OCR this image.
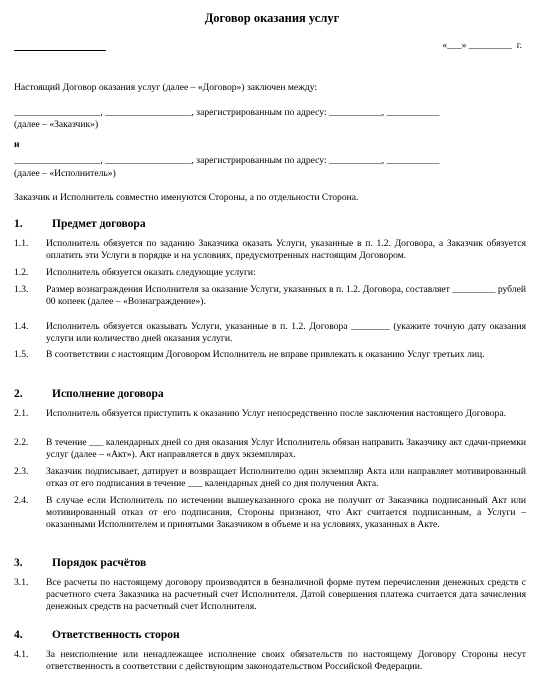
Договор оказания услуг
«___» _________  г.
Настоящий Договор оказания услуг (далее – «Договор») заключен между:
__________________, __________________, зарегистрированным по адресу: ___________, ___________
(далее – «Заказчик»)
и
__________________, __________________, зарегистрированным по адресу: ___________, ___________
(далее – «Исполнитель»)
Заказчик и Исполнитель совместно именуются Стороны, а по отдельности Сторона.
1.	Предмет договора
1.1.	Исполнитель обязуется по заданию Заказчика оказать Услуги, указанные в п. 1.2. Договора, а Заказчик обязуется оплатить эти Услуги в порядке и на условиях, предусмотренных настоящим Договором.
1.2.	Исполнитель обязуется оказать следующие услуги:
1.3.	Размер вознаграждения Исполнителя за оказание Услуги, указанных в п. 1.2. Договора, составляет _________ рублей 00 копеек (далее – «Вознаграждение»).
1.4.	Исполнитель обязуется оказывать Услуги, указанные в п. 1.2. Договора ________ (укажите точную дату оказания услуги или количество дней оказания услуги.
1.5.	В соответствии с настоящим Договором Исполнитель не вправе привлекать к оказанию Услуг третьих лиц.
2.	Исполнение договора
2.1.	Исполнитель обязуется приступить к оказанию Услуг непосредственно после заключения настоящего Договора.
2.2.	В течение ___ календарных дней со дня оказания Услуг Исполнитель обязан направить Заказчику акт сдачи-приемки услуг (далее – «Акт»). Акт направляется в двух экземплярах.
2.3.	Заказчик подписывает, датирует и возвращает Исполнителю один экземпляр Акта или направляет мотивированный отказ от его подписания в течение ___ календарных дней со дня получения Акта.
2.4.	В случае если Исполнитель по истечении вышеуказанного срока не получит от Заказчика подписанный Акт или мотивированный отказ от его подписания, Стороны признают, что Акт считается подписанным, а Услуги – оказанными Исполнителем и принятыми Заказчиком в объеме и на условиях, указанных в Акте.
3.	Порядок расчётов
3.1.	Все расчеты по настоящему договору производятся в безналичной форме путем перечисления денежных средств с расчетного счета Заказчика на расчетный счет Исполнителя. Датой совершения платежа считается дата зачисления денежных средств на расчетный счет Исполнителя.
4.	Ответственность сторон
4.1.	За неисполнение или ненадлежащее исполнение своих обязательств по настоящему Договору Стороны несут ответственность в соответствии с действующим законодательством Российской Федерации.
